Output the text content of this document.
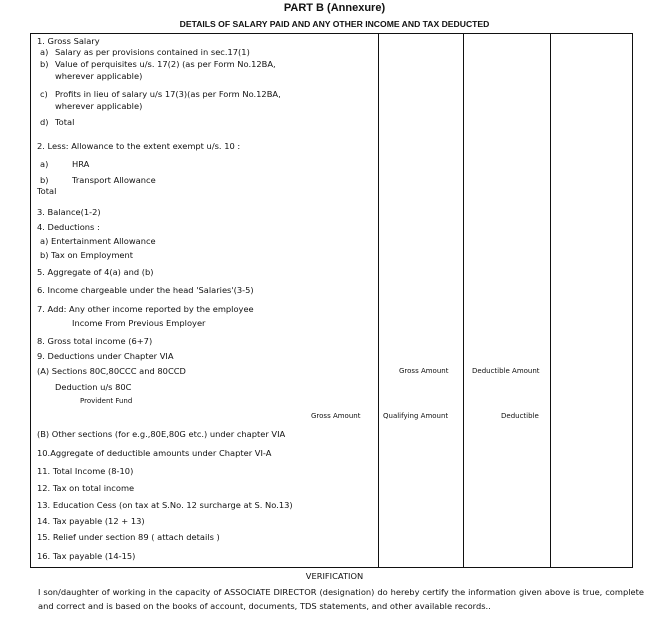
PART B (Annexure)
DETAILS OF SALARY PAID AND ANY OTHER INCOME AND TAX DEDUCTED
1. Gross Salary
a) Salary as per provisions contained in sec.17(1)
b) Value of perquisites u/s. 17(2) (as per Form No.12BA,
wherever applicable)
c) Profits in lieu of salary u/s 17(3)(as per Form No.12BA,
wherever applicable)
d) Total
2. Less: Allowance to the extent exempt u/s. 10 :
a)	HRA
b)	Transport Allowance
Total
3. Balance(1-2)
4. Deductions :
a) Entertainment Allowance
b) Tax on Employment
5. Aggregate of 4(a) and (b)
6. Income chargeable under the head 'Salaries'(3-5)
7. Add: Any other income reported by the employee
Income From Previous Employer
8. Gross total income (6+7)
9. Deductions under Chapter VIA
(A) Sections 80C,80CCC and 80CCD	Gross Amount	Deductible Amount
Deduction u/s 80C
Provident Fund
Gross Amount	Qualifying Amount	Deductible
(B) Other sections (for e.g.,80E,80G etc.) under chapter VIA
10.Aggregate of deductible amounts under Chapter VI-A
11. Total Income (8-10)
12. Tax on total income
13. Education Cess (on tax at S.No. 12 surcharge at S. No.13)
14. Tax payable (12 + 13)
15. Relief under section 89 ( attach details )
16. Tax payable (14-15)
VERIFICATION
I son/daughter of working in the capacity of ASSOCIATE DIRECTOR (designation) do hereby certify the information given above is true, complete and correct and is based on the books of account, documents, TDS statements, and other available records..
